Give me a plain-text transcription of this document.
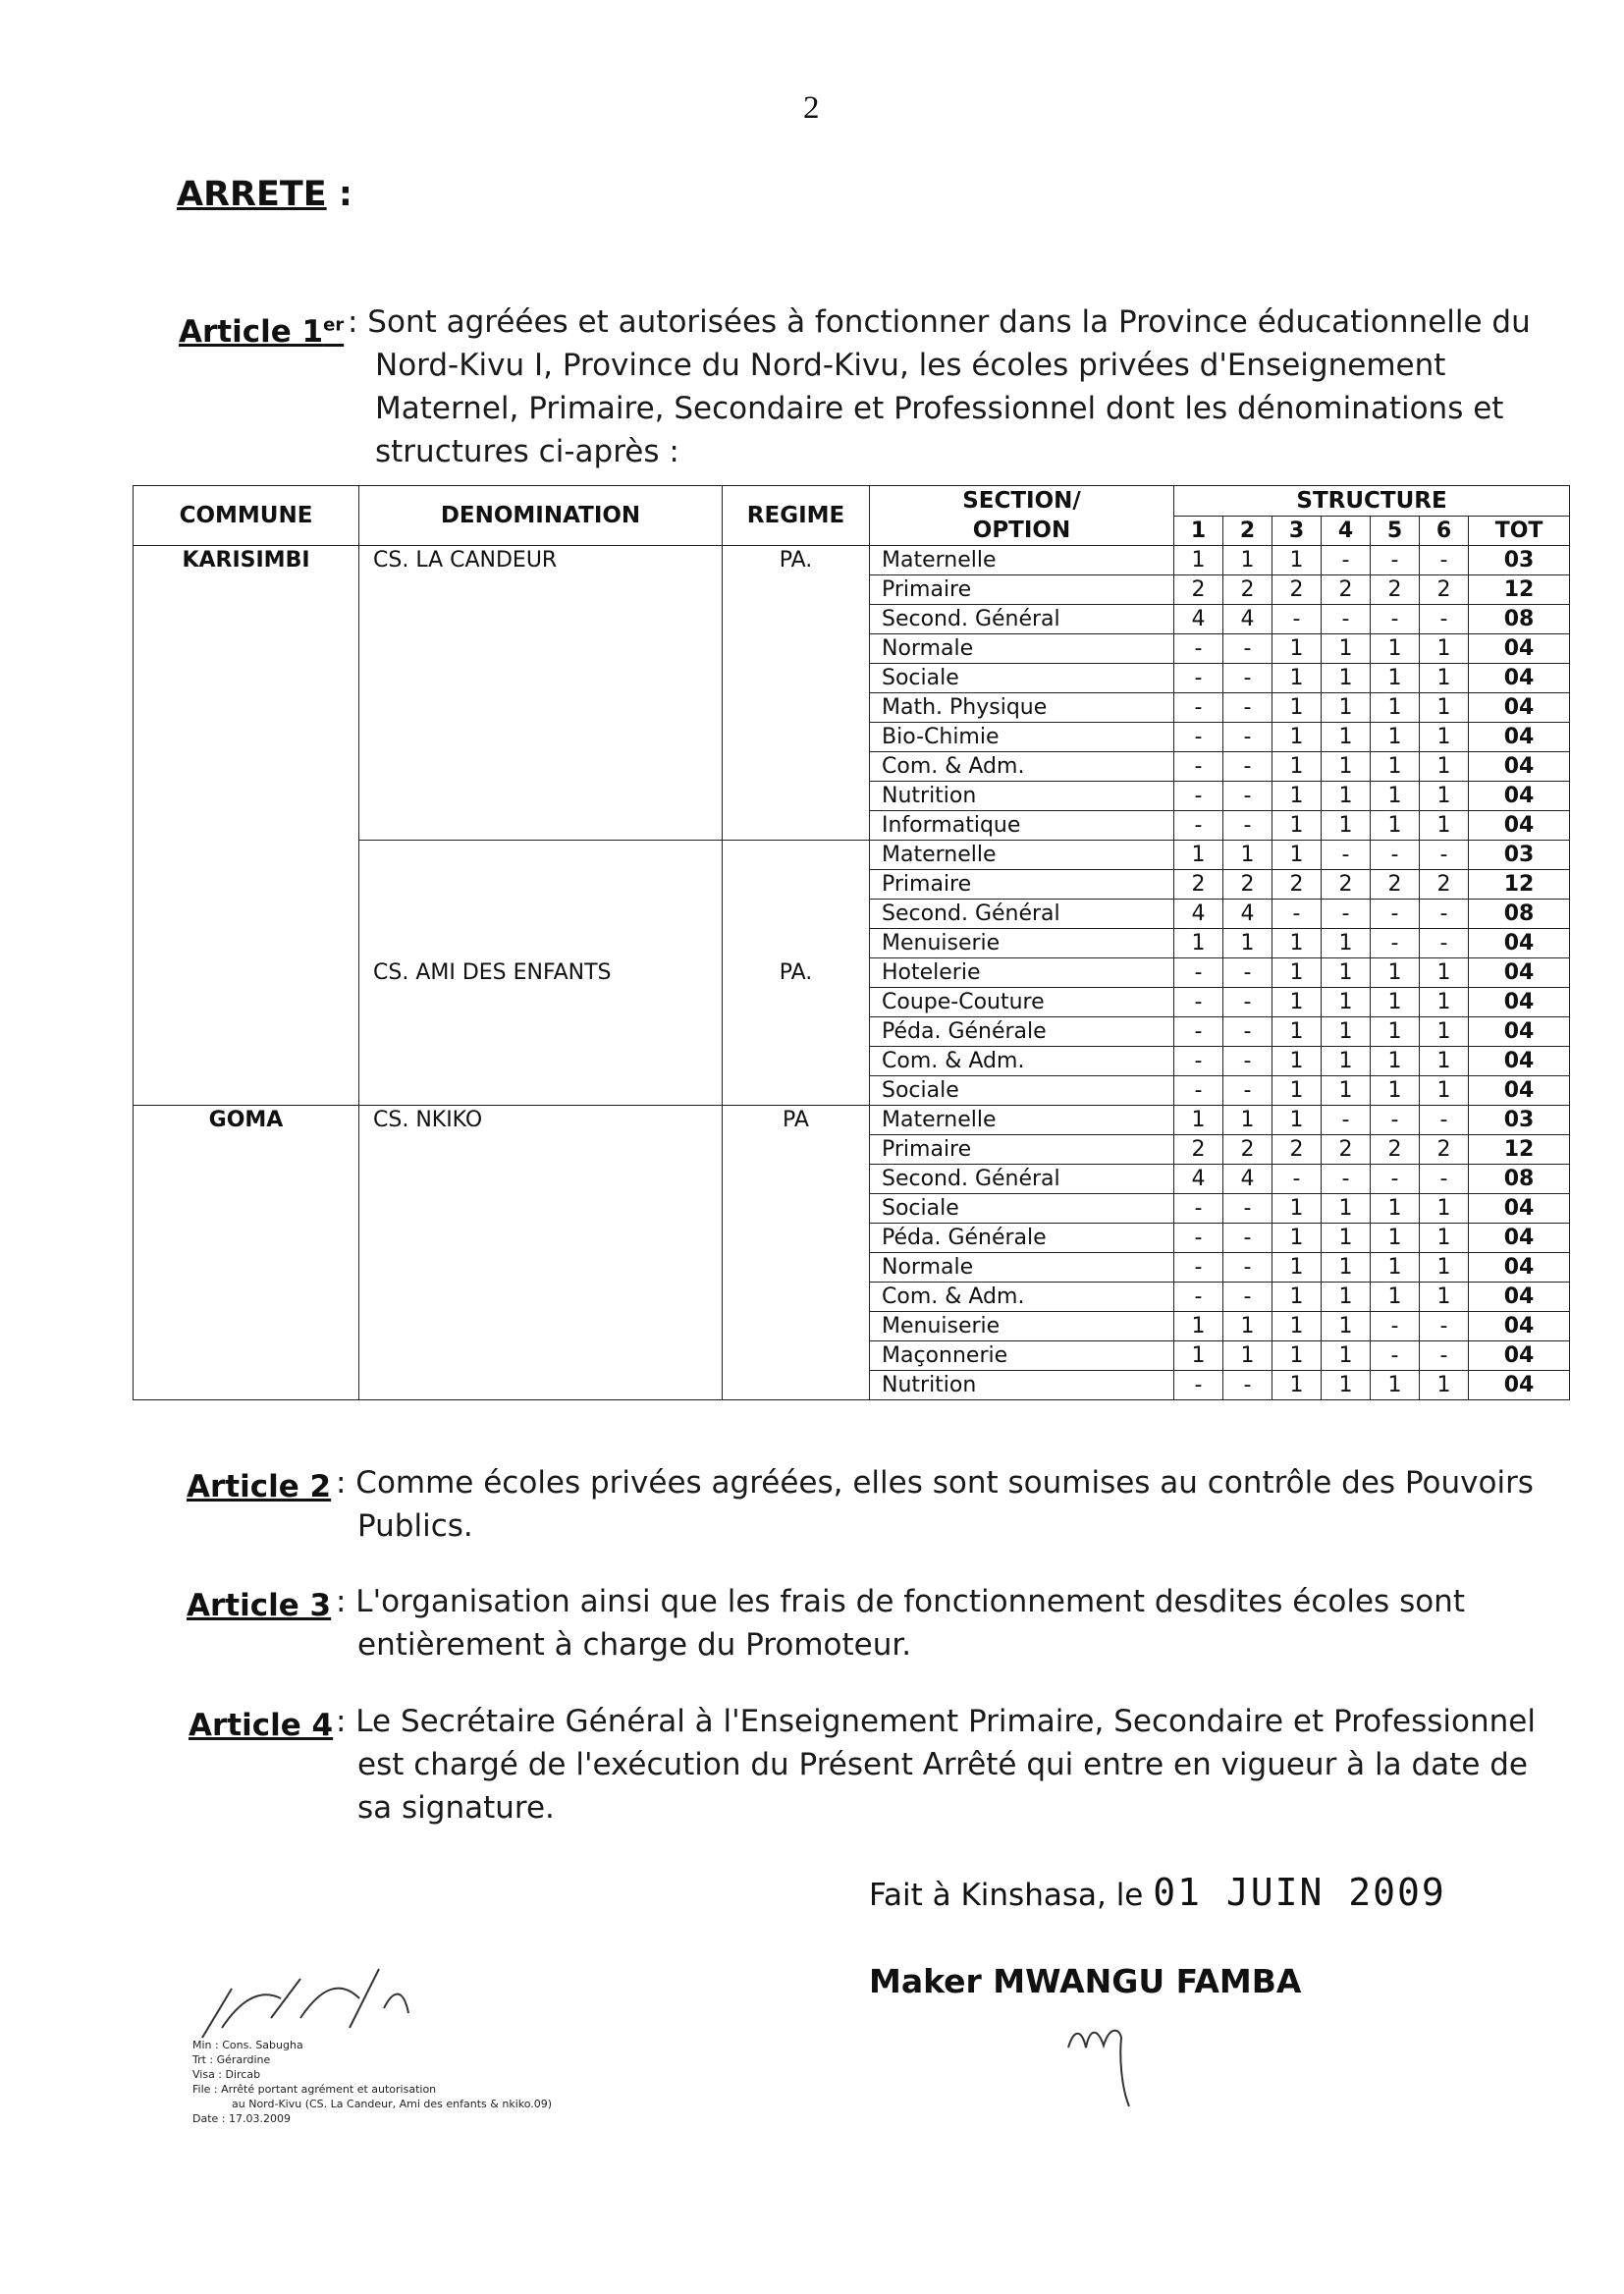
2
ARRETE :
Article 1er : Sont agréées et autorisées à fonctionner dans la Province éducationnelle du
Nord-Kivu I, Province du Nord-Kivu, les écoles privées d'Enseignement
Maternel, Primaire, Secondaire et Professionnel dont les dénominations et
structures ci-après :
COMMUNE	DENOMINATION	REGIME	SECTION/
OPTION	STRUCTURE						
				1	2	3	4	5	6	TOT
KARISIMBI	CS. LA CANDEUR	PA.	Maternelle	1	1	1	-	-	-	03
			Primaire	2	2	2	2	2	2	12
			Second. Général	4	4	-	-	-	-	08
			Normale	-	-	1	1	1	1	04
			Sociale	-	-	1	1	1	1	04
			Math. Physique	-	-	1	1	1	1	04
			Bio-Chimie	-	-	1	1	1	1	04
			Com. & Adm.	-	-	1	1	1	1	04
			Nutrition	-	-	1	1	1	1	04
			Informatique	-	-	1	1	1	1	04
			Maternelle	1	1	1	-	-	-	03
			Primaire	2	2	2	2	2	2	12
			Second. Général	4	4	-	-	-	-	08
			Menuiserie	1	1	1	1	-	-	04
	CS. AMI DES ENFANTS	PA.	Hotelerie	-	-	1	1	1	1	04
			Coupe-Couture	-	-	1	1	1	1	04
			Péda. Générale	-	-	1	1	1	1	04
			Com. & Adm.	-	-	1	1	1	1	04
			Sociale	-	-	1	1	1	1	04
GOMA	CS. NKIKO	PA	Maternelle	1	1	1	-	-	-	03
			Primaire	2	2	2	2	2	2	12
			Second. Général	4	4	-	-	-	-	08
			Sociale	-	-	1	1	1	1	04
			Péda. Générale	-	-	1	1	1	1	04
			Normale	-	-	1	1	1	1	04
			Com. & Adm.	-	-	1	1	1	1	04
			Menuiserie	1	1	1	1	-	-	04
			Maçonnerie	1	1	1	1	-	-	04
			Nutrition	-	-	1	1	1	1	04
Article 2 : Comme écoles privées agréées, elles sont soumises au contrôle des Pouvoirs
Publics.
Article 3 : L'organisation ainsi que les frais de fonctionnement desdites écoles sont
entièrement à charge du Promoteur.
Article 4 : Le Secrétaire Général à l'Enseignement Primaire, Secondaire et Professionnel
est chargé de l'exécution du Présent Arrêté qui entre en vigueur à la date de
sa signature.
Fait à Kinshasa, le 01 JUIN 2009
Maker MWANGU FAMBA
Min : Cons. Sabugha
Trt : Gérardine
Visa : Dircab
File : Arrêté portant agrément et autorisation
au Nord-Kivu (CS. La Candeur, Ami des enfants & nkiko.09)
Date : 17.03.2009
